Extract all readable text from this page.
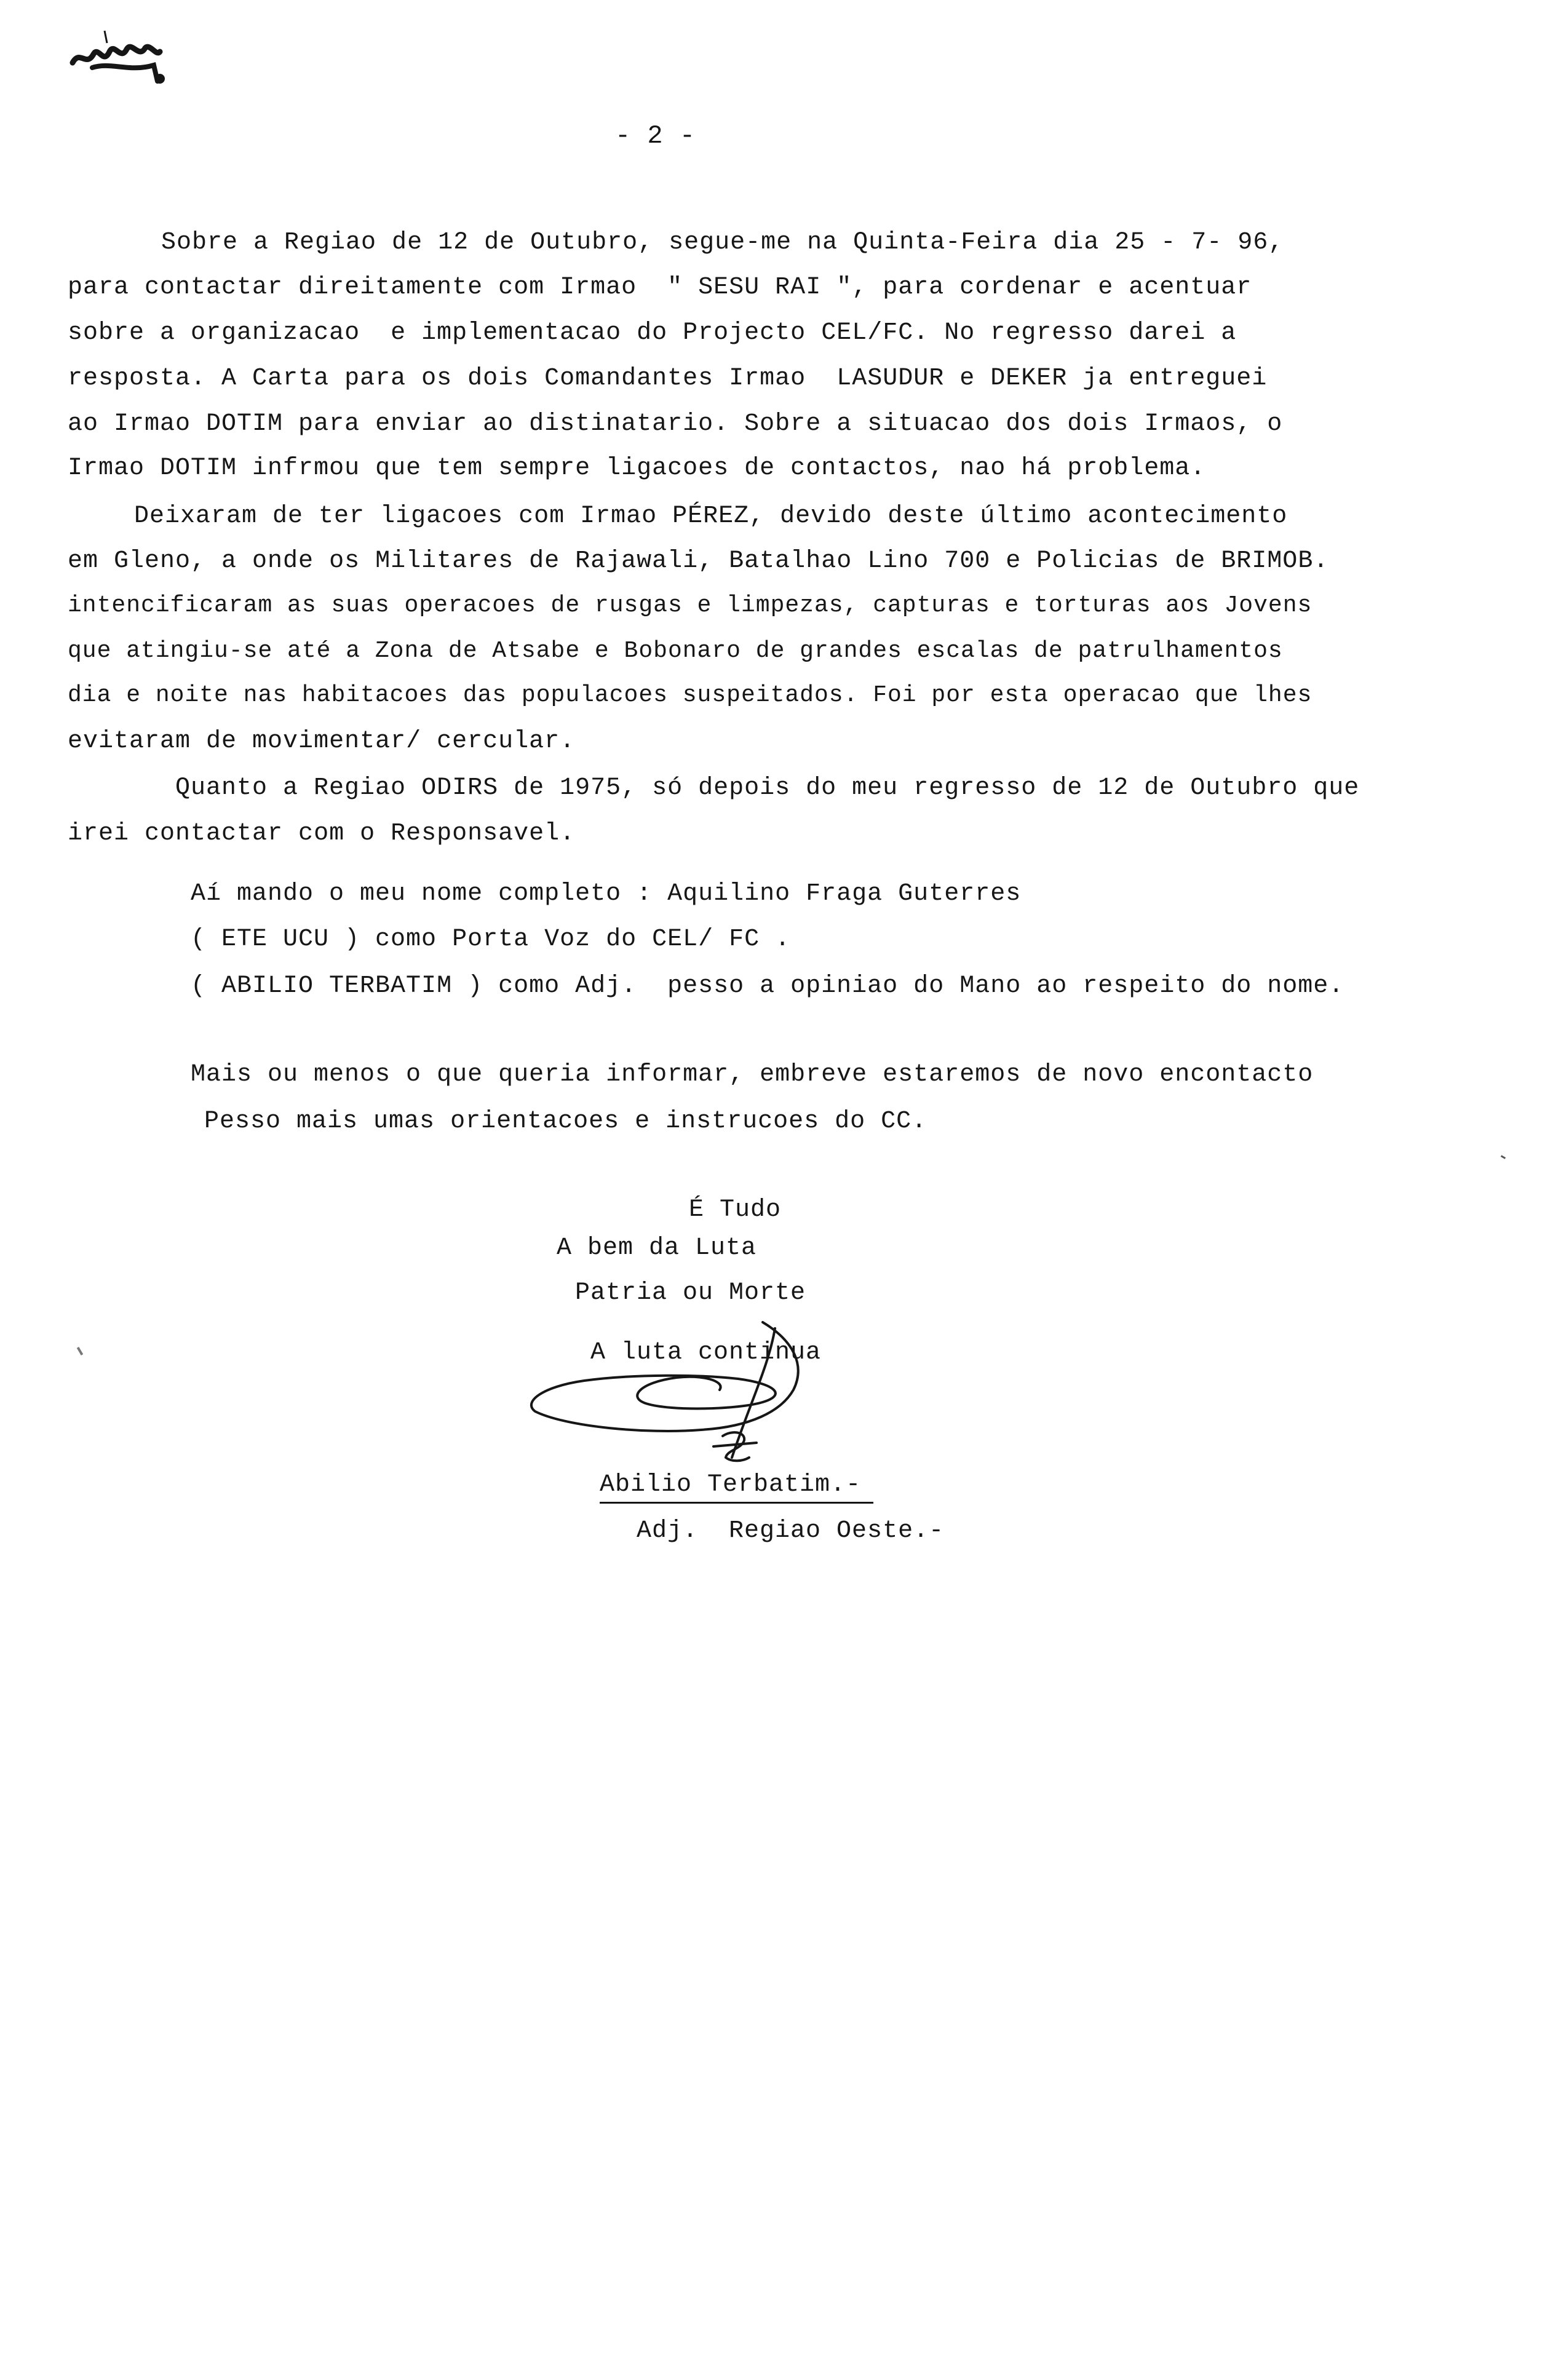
- 2 -
Sobre a Regiao de 12 de Outubro, segue-me na Quinta-Feira dia 25 - 7- 96,
para contactar direitamente com Irmao  " SESU RAI ", para cordenar e acentuar
sobre a organizacao  e implementacao do Projecto CEL/FC. No regresso darei a
resposta. A Carta para os dois Comandantes Irmao  LASUDUR e DEKER ja entreguei
ao Irmao DOTIM para enviar ao distinatario. Sobre a situacao dos dois Irmaos, o
Irmao DOTIM infrmou que tem sempre ligacoes de contactos, nao há problema.
Deixaram de ter ligacoes com Irmao PÉREZ, devido deste último acontecimento
em Gleno, a onde os Militares de Rajawali, Batalhao Lino 700 e Policias de BRIMOB.
intencificaram as suas operacoes de rusgas e limpezas, capturas e torturas aos Jovens
que atingiu-se até a Zona de Atsabe e Bobonaro de grandes escalas de patrulhamentos
dia e noite nas habitacoes das populacoes suspeitados. Foi por esta operacao que lhes
evitaram de movimentar/ cercular.
Quanto a Regiao ODIRS de 1975, só depois do meu regresso de 12 de Outubro que
irei contactar com o Responsavel.
Aí mando o meu nome completo : Aquilino Fraga Guterres
( ETE UCU ) como Porta Voz do CEL/ FC .
( ABILIO TERBATIM ) como Adj.  pesso a opiniao do Mano ao respeito do nome.
Mais ou menos o que queria informar, embreve estaremos de novo encontacto
Pesso mais umas orientacoes e instrucoes do CC.
É Tudo
A bem da Luta
Patria ou Morte
A luta continua
Abilio Terbatim.-
Adj.  Regiao Oeste.-
